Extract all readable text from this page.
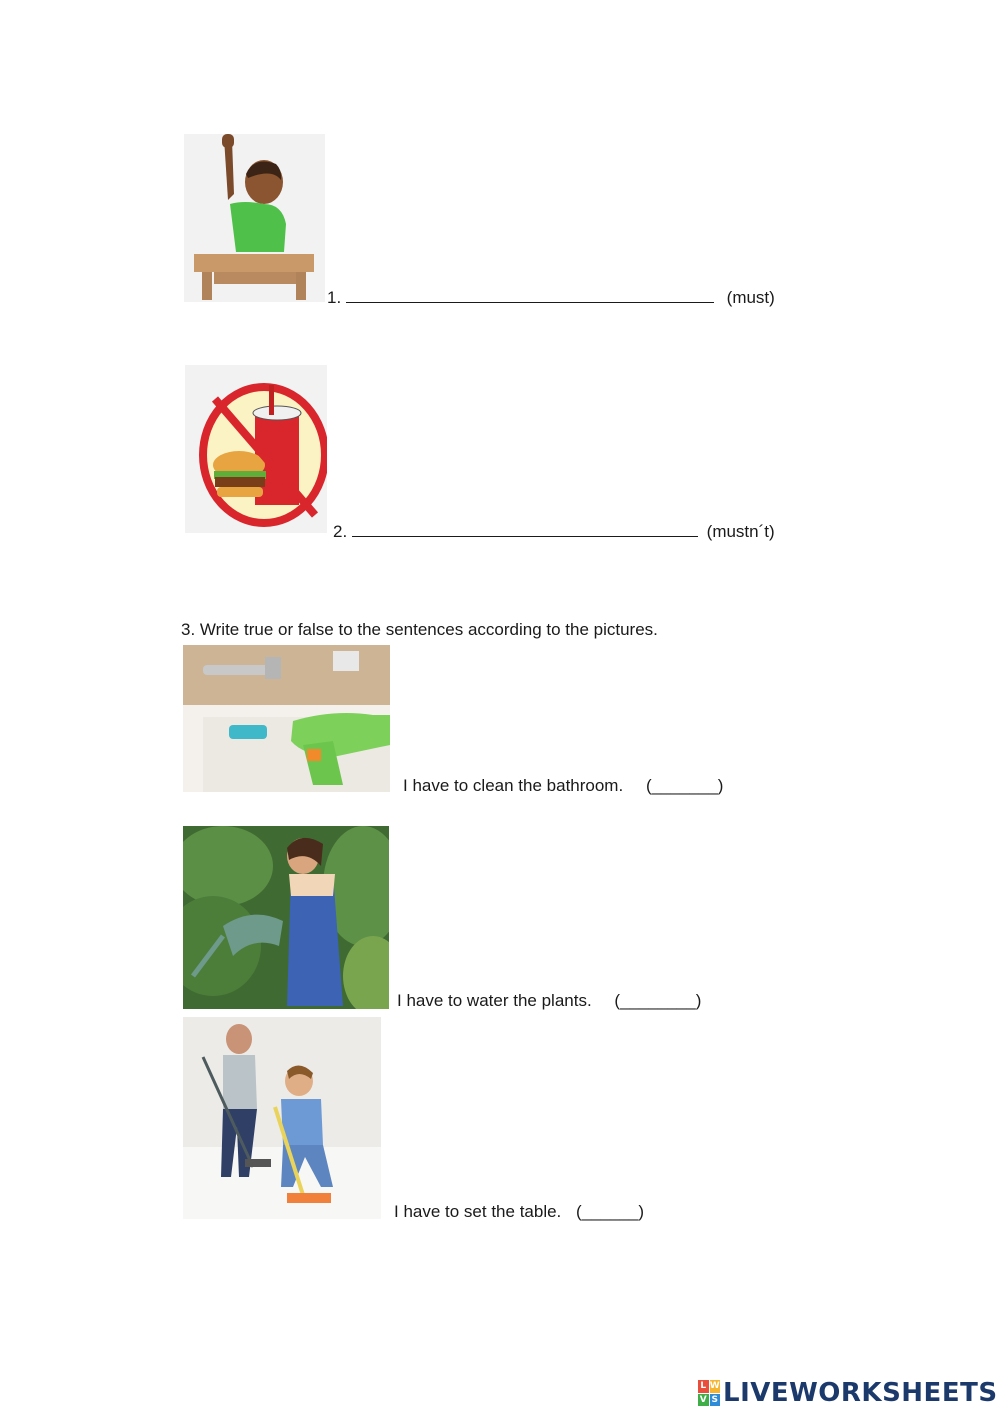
1.	(must)
2.	(mustn´t)
3. Write true or false to the sentences according to the pictures.
I have to clean the bathroom. (_______)
I have to water the plants. (________)
I have to set the table. (______)
L W
V S LIVEWORKSHEETS
